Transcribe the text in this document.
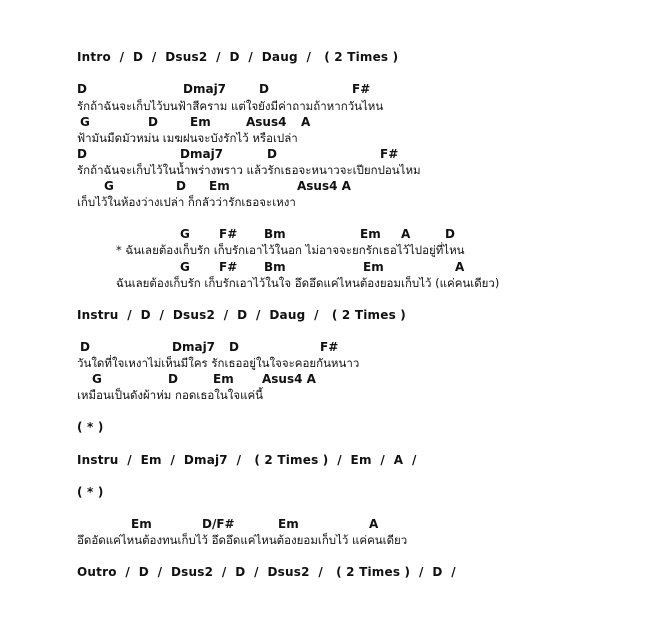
Intro  /  D  /  Dsus2  /  D  /  Daug  /   ( 2 Times )

D

	Dmaj7

	D

	F#

รักถ้าฉันจะเก็บไว้บนฟ้าสีคราม แต่ใจยังมีค่าถามถ้าหากวันไหน

G

	D

	Em

	Asus4

A

ฟ้ามันมืดมัวหม่น เมฆฝนจะบังรักไว้ หรือเปล่า

D

	Dmaj7

	D

	F#

รักถ้าฉันจะเก็บไว้ในน้ำพร่างพราว แล้วรักเธอจะหนาวจะเปียกปอนไหม

G

	D

Em

	Asus4 A

เก็บไว้ในห้องว่างเปล่า ก็กลัวว่ารักเธอจะเหงา

G

F#

Bm

	Em

A

	D

* ฉันเลยต้องเก็บรัก เก็บรักเอาไว้ในอก ไม่อาจจะยกรักเธอไว้ไปอยู่ที่ไหน

G

F#

Bm

	Em

	A

ฉันเลยต้องเก็บรัก เก็บรักเอาไว้ในใจ อึดอึดแค่ไหนต้องยอมเก็บไว้ (แค่คนเดียว)
Instru  /  D  /  Dsus2  /  D  /  Daug  /   ( 2 Times )

D

	Dmaj7

D

	F#

วันใดที่ใจเหงาไม่เห็นมีใคร รักเธออยู่ในใจจะคอยกันหนาว

G

	D

	Em

Asus4 A

เหมือนเป็นดังผ้าห่ม กอดเธอในใจแค่นี้
( * )
Instru  /  Em  /  Dmaj7  /   ( 2 Times )  /  Em  /  A  /
( * )

Em

	D/F#

	Em

	A

อึดอัดแค่ไหนต้องทนเก็บไว้ อึดอึดแค่ไหนต้องยอมเก็บไว้ แค่คนเดียว
Outro  /  D  /  Dsus2  /  D  /  Dsus2  /   ( 2 Times )  /  D  /
